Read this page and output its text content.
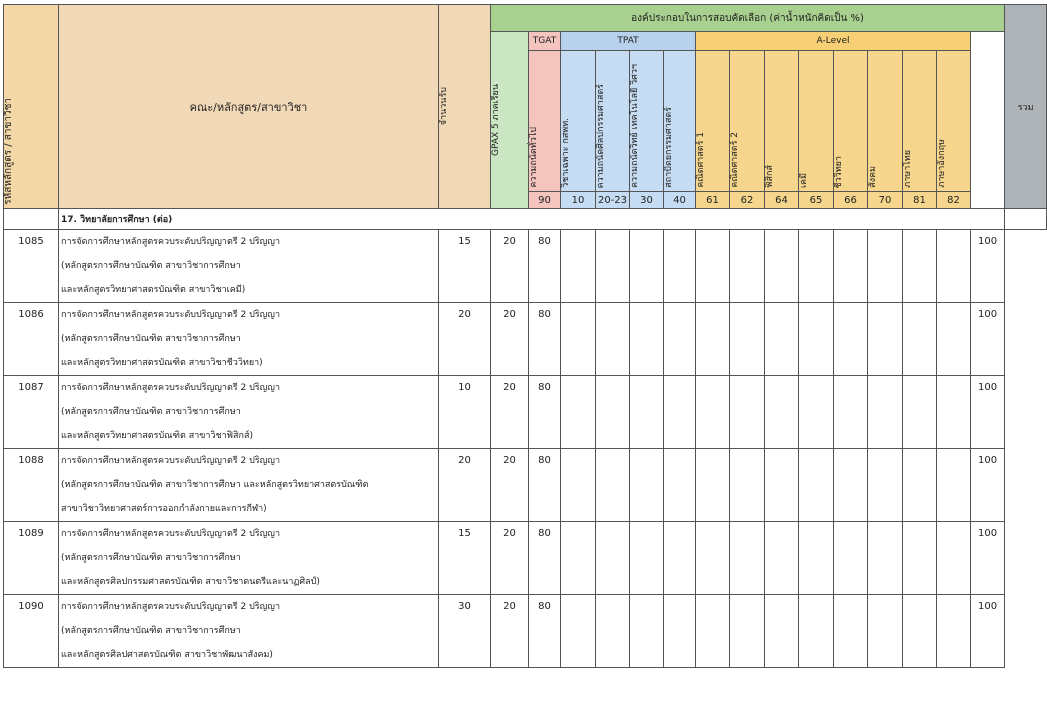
รหัสหลักสูตร / สาขาวิชา	คณะ/หลักสูตร/สาขาวิชา	จำนวนรับ	องค์ประกอบในการสอบคัดเลือก (ค่าน้ำหนักคิดเป็น %)															รวม

			GPAX 5 ภาคเรียน	TGAT	TPAT				A-Level									

				ความถนัดทั่วไป	วิชาเฉพาะ กสพท.	ความถนัดศิลปกรรมศาสตร์	ความถนัดวิทย์ เทคโนโลยี วิศวฯ	สถาปัตยกรรมศาสตร์	คณิตศาสตร์ 1	คณิตศาสตร์ 2	ฟิสิกส์	เคมี	ชีววิทยา	สังคม	ภาษาไทย	ภาษาอังกฤษ		

				90	10	20-23	30	40	61	62	64	65	66	70	81	82		
	17. วิทยาลัยการศึกษา (ต่อ)																	
1085	การจัดการศึกษาหลักสูตรควบระดับปริญญาตรี 2 ปริญญา
(หลักสูตรการศึกษาบัณฑิต สาขาวิชาการศึกษา
และหลักสูตรวิทยาศาสตรบัณฑิต สาขาวิชาเคมี)	15	20	80													100	
1086	การจัดการศึกษาหลักสูตรควบระดับปริญญาตรี 2 ปริญญา
(หลักสูตรการศึกษาบัณฑิต สาขาวิชาการศึกษา
และหลักสูตรวิทยาศาสตรบัณฑิต สาขาวิชาชีววิทยา)	20	20	80													100	
1087	การจัดการศึกษาหลักสูตรควบระดับปริญญาตรี 2 ปริญญา
(หลักสูตรการศึกษาบัณฑิต สาขาวิชาการศึกษา
และหลักสูตรวิทยาศาสตรบัณฑิต สาขาวิชาฟิสิกส์)	10	20	80													100	
1088	การจัดการศึกษาหลักสูตรควบระดับปริญญาตรี 2 ปริญญา
(หลักสูตรการศึกษาบัณฑิต สาขาวิชาการศึกษา และหลักสูตรวิทยาศาสตรบัณฑิต
สาขาวิชาวิทยาศาสตร์การออกกำลังกายและการกีฬา)	20	20	80													100	
1089	การจัดการศึกษาหลักสูตรควบระดับปริญญาตรี 2 ปริญญา
(หลักสูตรการศึกษาบัณฑิต สาขาวิชาการศึกษา
และหลักสูตรศิลปกรรมศาสตรบัณฑิต สาขาวิชาดนตรีและนาฏศิลป์)	15	20	80													100	
1090	การจัดการศึกษาหลักสูตรควบระดับปริญญาตรี 2 ปริญญา
(หลักสูตรการศึกษาบัณฑิต สาขาวิชาการศึกษา
และหลักสูตรศิลปศาสตรบัณฑิต สาขาวิชาพัฒนาสังคม)	30	20	80													100	
